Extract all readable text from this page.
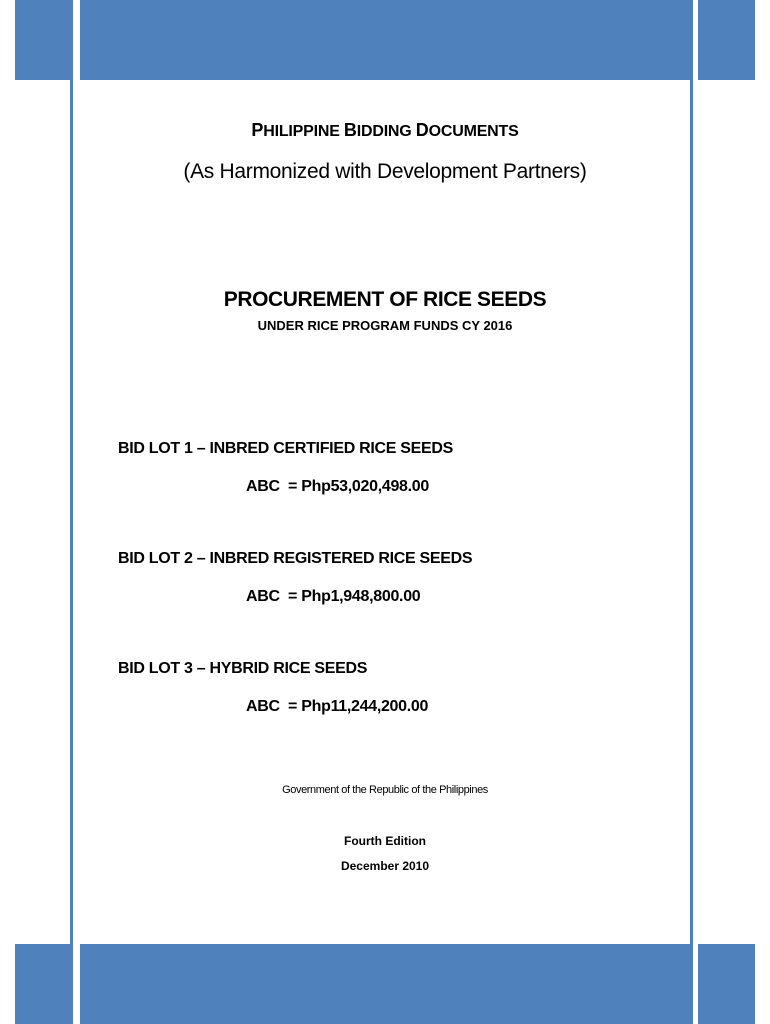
PHILIPPINE BIDDING DOCUMENTS
(As Harmonized with Development Partners)
PROCUREMENT OF RICE SEEDS
UNDER RICE PROGRAM FUNDS CY 2016
BID LOT 1 – INBRED CERTIFIED RICE SEEDS
ABC  = Php53,020,498.00
BID LOT 2 – INBRED REGISTERED RICE SEEDS
ABC  = Php1,948,800.00
BID LOT 3 – HYBRID RICE SEEDS
ABC  = Php11,244,200.00
Government of the Republic of the Philippines
Fourth Edition
December 2010
